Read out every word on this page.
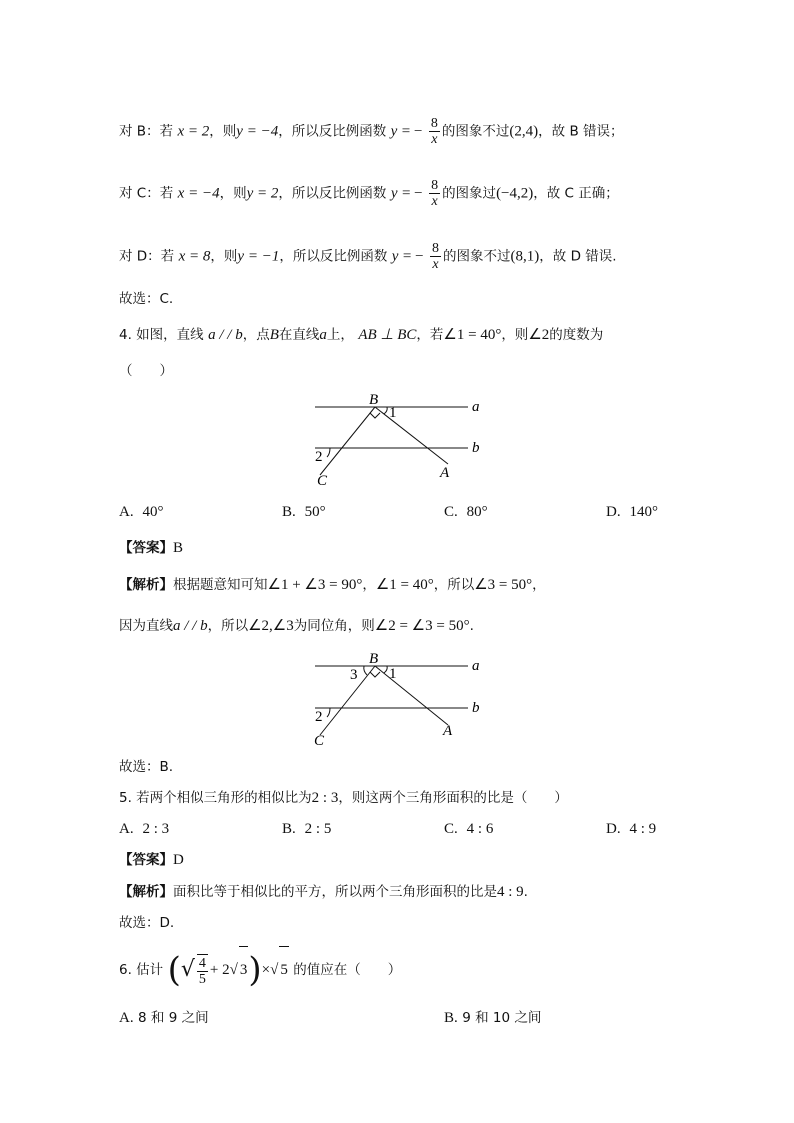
对 B：若 x = 2，则y = −4，所以反比例函数 y = − $\frac{8}{x}$ 的图象不过(2,4)，故 B 错误；
对 C：若 x = −4，则y = 2，所以反比例函数 y = − $\frac{8}{x}$ 的图象过(−4,2)，故 C 正确；
对 D：若 x = 8，则y = −1，所以反比例函数 y = − $\frac{8}{x}$ 的图象不过(8,1)，故 D 错误.
故选：C.
4. 如图，直线 a / / b，点B在直线a上， AB ⊥ BC，若∠1 = 40°，则∠2的度数为
（　　）
B
1	a
b
2
C	A
A. 40°	B. 50°	C. 80°	D. 140°
【答案】B
【解析】根据题意知可知∠1 + ∠3 = 90°，∠1 = 40°，所以∠3 = 50°，
因为直线a / / b，所以∠2,∠3为同位角，则∠2 = ∠3 = 50°.
B
3 1	a
b
2
C
A
故选：B.
5. 若两个相似三角形的相似比为2 : 3，则这两个三角形面积的比是（　　）
A. 2 : 3	B. 2 : 5	C. 4 : 6	D. 4 : 9
【答案】D
【解析】面积比等于相似比的平方，所以两个三角形面积的比是4 : 9.
故选：D.
6. 估计 (√ $\frac{4}{5} + 2√$ 3)×√ 5 的值应在（　　）
A. 8 和 9 之间	B. 9 和 10 之间
